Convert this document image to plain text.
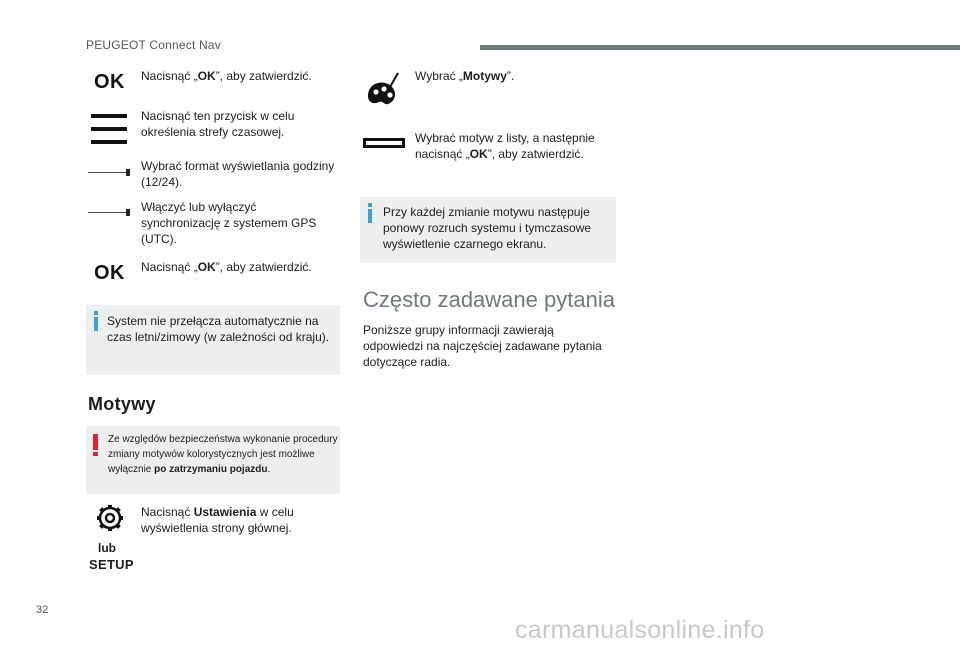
PEUGEOT Connect Nav
OK Nacisnąć „OK”, aby zatwierdzić.
Nacisnąć ten przycisk w celu określenia strefy czasowej.
Wybrać format wyświetlania godziny (12/24).
Włączyć lub wyłączyć synchronizację z systemem GPS (UTC).
OK Nacisnąć „OK”, aby zatwierdzić.
System nie przełącza automatycznie na czas letni/zimowy (w zależności od kraju).
Motywy
Ze względów bezpieczeństwa wykonanie procedury zmiany motywów kolorystycznych jest możliwe wyłącznie po zatrzymaniu pojazdu.
Nacisnąć Ustawienia w celu wyświetlenia strony głównej.
lub
SETUP
Wybrać „Motywy”.
Wybrać motyw z listy, a następnie nacisnąć „OK”, aby zatwierdzić.
Przy każdej zmianie motywu następuje ponowy rozruch systemu i tymczasowe wyświetlenie czarnego ekranu.
Często zadawane pytania
Poniższe grupy informacji zawierają odpowiedzi na najczęściej zadawane pytania dotyczące radia.
32
carmanualsonline.info
